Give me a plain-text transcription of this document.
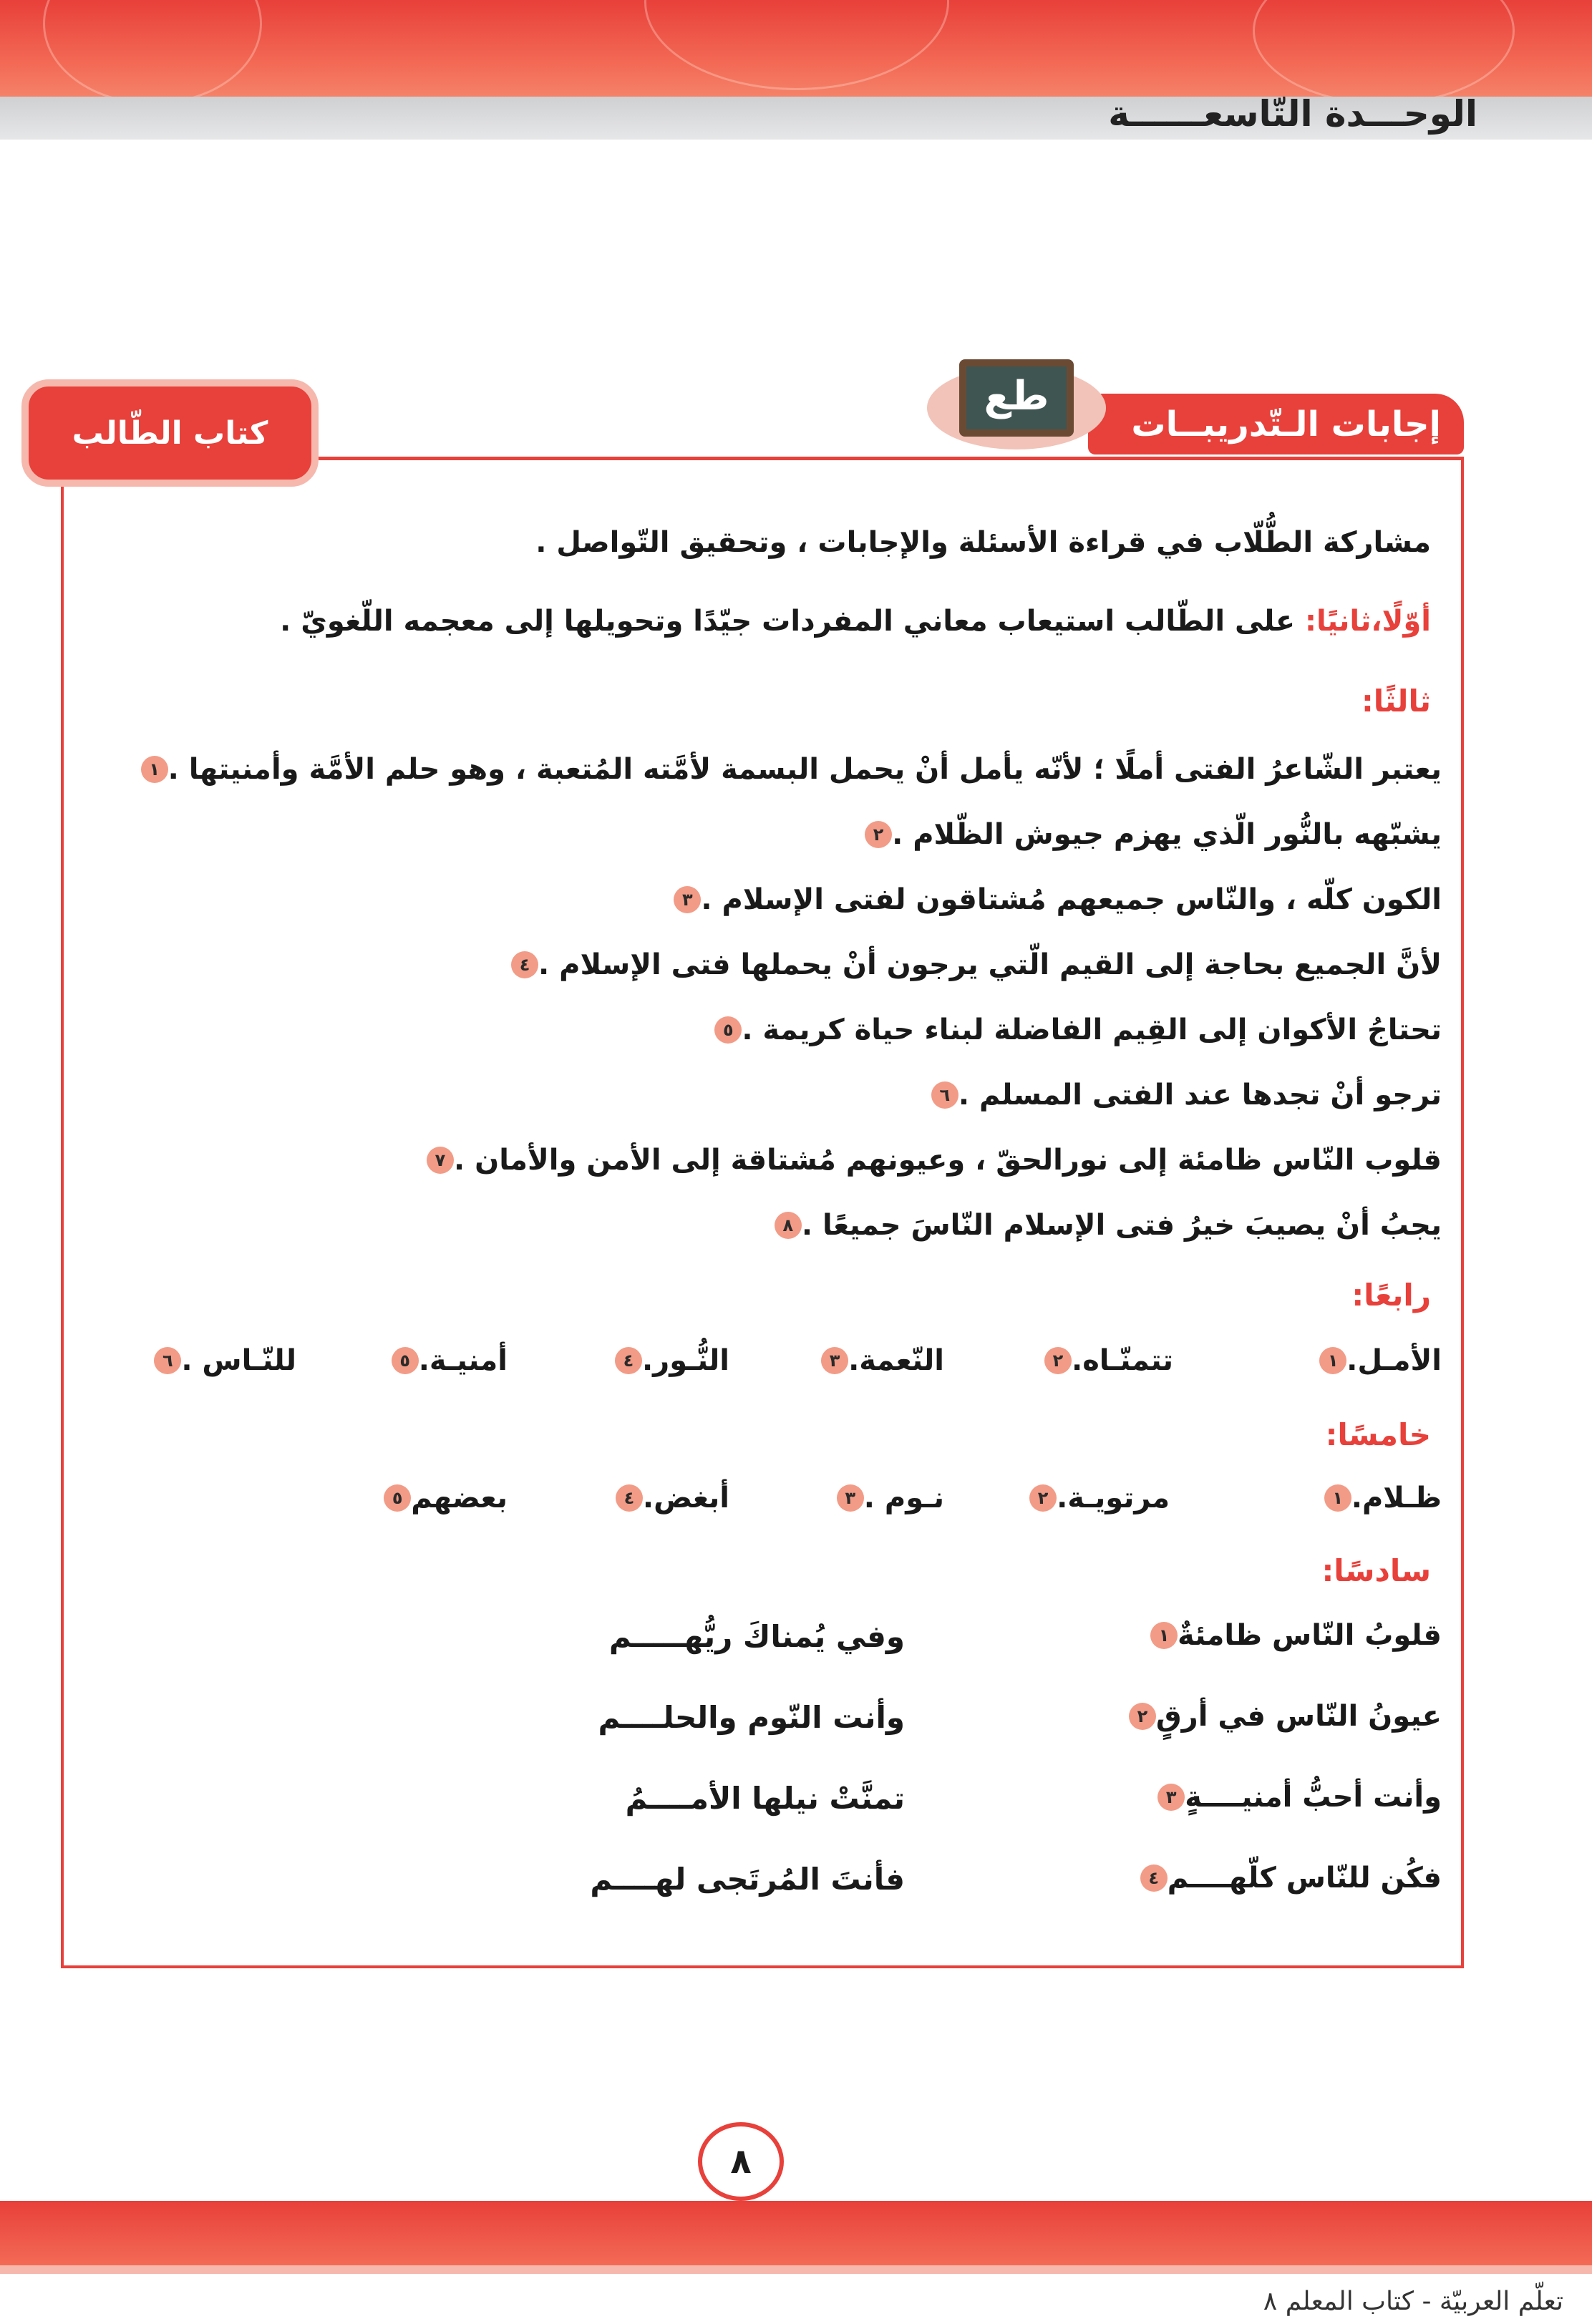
الوحـــدة التّاسعــــــة
كتاب الطّالب	إجابات الـتّدريبــات
طع
مشاركة الطُّلّاب في قراءة الأسئلة والإجابات ، وتحقيق التّواصل .
أوّلًا،ثانيًا: على الطّالب استيعاب معاني المفردات جيّدًا وتحويلها إلى معجمه اللّغويّ .
ثالثًا:
١ يعتبر الشّاعرُ الفتى أملًا ؛ لأنّه يأمل أنْ يحمل البسمة لأمَّته المُتعبة ، وهو حلم الأمَّة وأمنيتها .
٢ يشبّهه بالنُّور الّذي يهزم جيوش الظّلام .
٣ الكون كلّه ، والنّاس جميعهم مُشتاقون لفتى الإسلام .
٤ لأنَّ الجميع بحاجة إلى القيم الّتي يرجون أنْ يحملها فتى الإسلام .
٥ تحتاجُ الأكوان إلى القِيم الفاضلة لبناء حياة كريمة .
٦ ترجو أنْ تجدها عند الفتى المسلم .
٧ قلوب النّاس ظامئة إلى نورالحقّ ، وعيونهم مُشتاقة إلى الأمن والأمان .
٨ يجبُ أنْ يصيبَ خيرُ فتى الإسلام النّاسَ جميعًا .
رابعًا:
١ الأمـل.
٢ تتمنّـاه.
٣ النّعمة.
٤ النُّـور.
٥ أمنيـة.
٦ للنّـاس .
خامسًا:
١ ظـلام.
٢ مرتويـة.
٣ نـوم .
٤ أبغض.
٥ بعضهم
سادسًا:
١ قلوبُ النّاس ظامئةٌ
وفي يُمناكَ ريُّهـــــم
٢ عيونُ النّاس في أرقٍ
وأنت النّوم والحلــــم
٣ وأنت أحبُّ أمنيــــةٍ
تمنَّتْ نيلها الأمــــمُ
٤ فكُن للنّاس كلّهــــم
فأنتَ المُرتَجى لهــــم
٨
تعلّم العربيّة - كتاب المعلم ٨
